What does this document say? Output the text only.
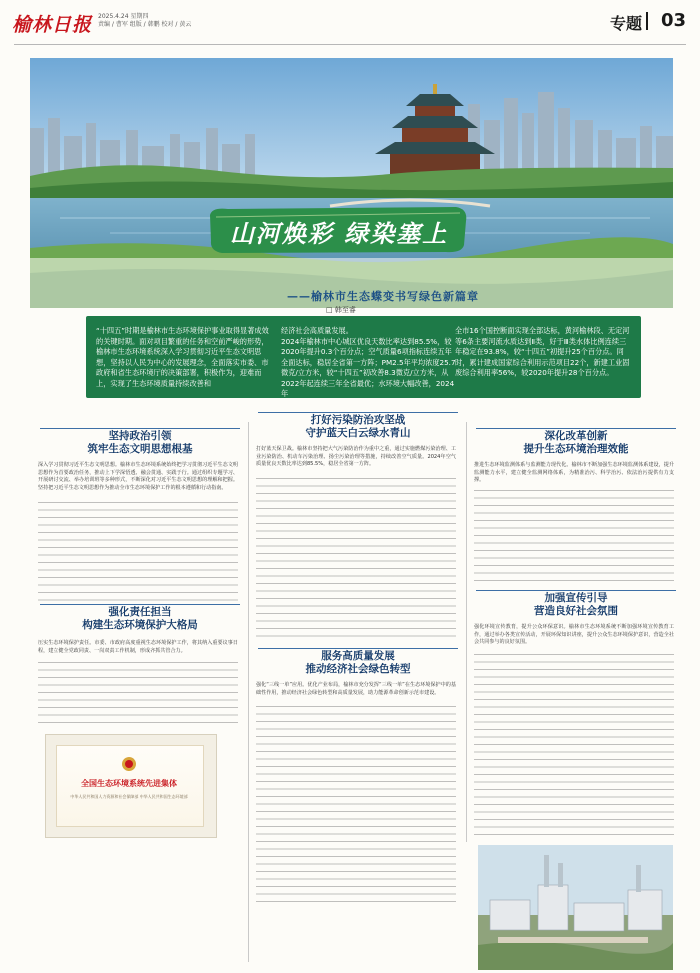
榆林日报 2025.4.24 星期四
责编 / 曹军 组版 / 韩鹏 校对 / 黄云	专题 03
山河焕彩 绿染塞上
——榆林市生态蝶变书写绿色新篇章
□ 韩至睿
“十四五”时期是榆林市生态环境保护事业取得显著成效的关键时期。面对项目繁重的任务和空前严峻的形势，榆林市生态环境系统深入学习贯彻习近平生态文明思想，坚持以人民为中心的发展理念，全面落实市委、市政府和省生态环境厅的决策部署，积极作为，迎难而上，实现了生态环境质量持续改善和
经济社会高质量发展。
2024年榆林市中心城区优良天数比率达到85.5%，较2020年提升0.3个百分点；空气质量6项指标连续五年全面达标，稳居全省第一方阵；PM2.5年平均浓度25.7微克/立方米，较“十四五”初改善8.3微克/立方米，从2022年起连续三年全省最优；水环境大幅改善，2024年
全市16个国控断面实现全部达标，黄河榆林段、无定河等6条主要河流水质达到Ⅱ类，好于Ⅲ类水体比例连续三年稳定在93.8%，较“十四五”初提升25个百分点。同时，累计建成国家综合利用示范项目22个，新建工业固废综合利用率56%，较2020年提升28个百分点。
坚持政治引领
筑牢生态文明思想根基
深入学习贯彻习近平生态文明思想。榆林市生态环境系统始终把学习贯彻习近平生态文明思想作为首要政治任务，推动上下学深悟透、融会贯通、实践于行。通过组织专题学习、开展研讨交流、举办培训班等多种形式，不断深化对习近平生态文明思想的理解和把握。坚持把习近平生态文明思想作为推动全市生态环境保护工作的根本遵循和行动指南。
强化责任担当
构建生态环境保护大格局
压实生态环境保护责任。市委、市政府高度重视生态环境保护工作，将其纳入重要议事日程，建立健全党政同责、一岗双责工作机制，形成齐抓共管合力。
全国生态环境系统先进集体
中华人民共和国人力资源和社会保障部 中华人民共和国生态环境部
打好污染防治攻坚战
守护蓝天白云绿水青山
打好蓝天保卫战。榆林市坚持把大气污染防治作为重中之重，通过实施燃煤污染治理、工业污染防治、机动车污染治理、扬尘污染治理等措施，持续改善空气质量。2024年空气质量优良天数比率达到85.5%，稳居全省第一方阵。
服务高质量发展
推动经济社会绿色转型
强化“三线一单”应用。优化产业布局，榆林市充分发挥“三线一单”在生态环境保护中的基础性作用，推动经济社会绿色转型和高质量发展，助力能源革命创新示范市建设。
深化改革创新
提升生态环境治理效能
推进生态环境监测体系与监测能力现代化。榆林市不断加强生态环境监测体系建设，提升监测能力水平，建立健全监测网络体系，为精准治污、科学治污、依法治污提供有力支撑。
加强宣传引导
营造良好社会氛围
强化环境宣传教育，提升公众环保意识。榆林市生态环境系统不断加强环境宣传教育工作，通过举办各类宣传活动，开展环保知识讲座，提升公众生态环境保护意识，营造全社会共同参与的良好氛围。
